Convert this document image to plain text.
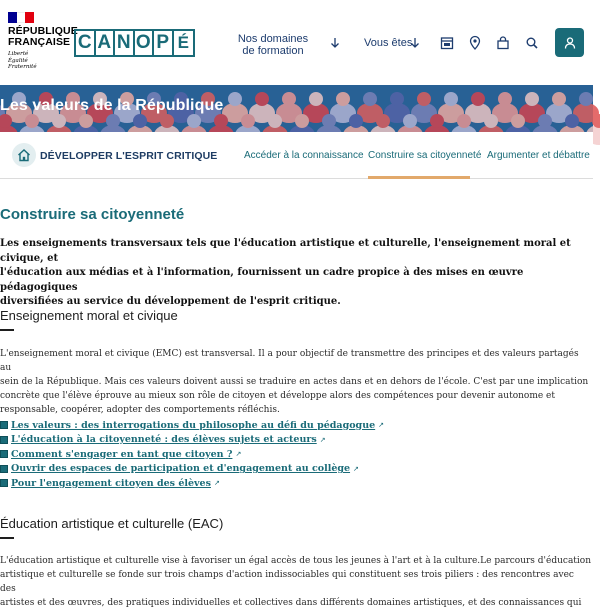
RÉPUBLIQUE
FRANÇAISE
Liberté
Égalité
Fraternité
C A N O P É	Nos domaines
de formation
Vous êtes
Les valeurs de la République
DÉVELOPPER L'ESPRIT CRITIQUE	Accéder à la connaissance Construire sa citoyenneté Argumenter et débattre
Construire sa citoyenneté
Les enseignements transversaux tels que l'éducation artistique et culturelle, l'enseignement moral et civique, et
l'éducation aux médias et à l'information, fournissent un cadre propice à des mises en œuvre pédagogiques
diversifiées au service du développement de l'esprit critique.
Enseignement moral et civique
L'enseignement moral et civique (EMC) est transversal. Il a pour objectif de transmettre des principes et des valeurs partagés au
sein de la République. Mais ces valeurs doivent aussi se traduire en actes dans et en dehors de l'école. C'est par une implication
concrète que l'élève éprouve au mieux son rôle de citoyen et développe alors des compétences pour devenir autonome et
responsable, coopérer, adopter des comportements réfléchis.
Les valeurs : des interrogations du philosophe au défi du pédagogue ↗
L'éducation à la citoyenneté : des élèves sujets et acteurs ↗
Comment s'engager en tant que citoyen ? ↗
Ouvrir des espaces de participation et d'engagement au collège ↗
Pour l'engagement citoyen des élèves ↗
Éducation artistique et culturelle (EAC)
L'éducation artistique et culturelle vise à favoriser un égal accès de tous les jeunes à l'art et à la culture.Le parcours d'éducation
artistique et culturelle se fonde sur trois champs d'action indissociables qui constituent ses trois piliers : des rencontres avec des
artistes et des œuvres, des pratiques individuelles et collectives dans différents domaines artistiques, et des connaissances qui
